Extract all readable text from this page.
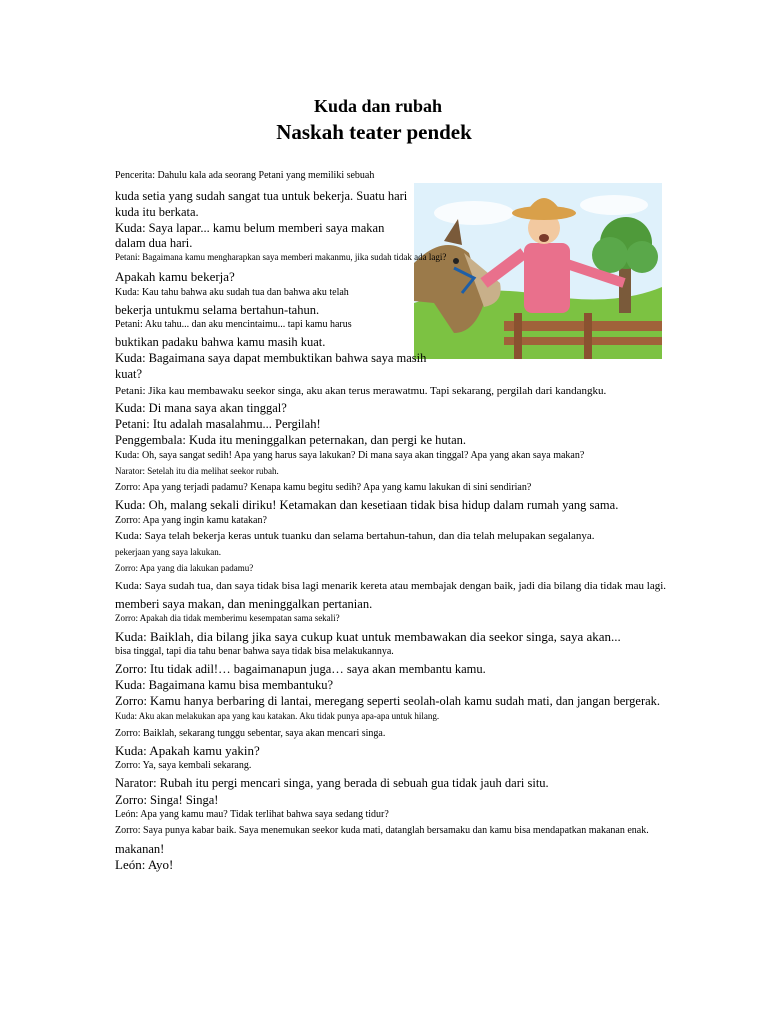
Kuda dan rubah
Naskah teater pendek
Pencerita: Dahulu kala ada seorang Petani yang memiliki sebuah
kuda setia yang sudah sangat tua untuk bekerja. Suatu hari
kuda itu berkata.
Kuda: Saya lapar... kamu belum memberi saya makan
dalam dua hari.
Petani: Bagaimana kamu mengharapkan saya memberi makanmu, jika sudah tidak ada lagi?
Apakah kamu bekerja?
Kuda: Kau tahu bahwa aku sudah tua dan bahwa aku telah
bekerja untukmu selama bertahun-tahun.
Petani: Aku tahu... dan aku mencintaimu... tapi kamu harus
buktikan padaku bahwa kamu masih kuat.
Kuda: Bagaimana saya dapat membuktikan bahwa saya masih
kuat?
Petani: Jika kau membawaku seekor singa, aku akan terus merawatmu. Tapi sekarang, pergilah dari kandangku.
Kuda: Di mana saya akan tinggal?
Petani: Itu adalah masalahmu... Pergilah!
Penggembala: Kuda itu meninggalkan peternakan, dan pergi ke hutan.
Kuda: Oh, saya sangat sedih! Apa yang harus saya lakukan? Di mana saya akan tinggal? Apa yang akan saya makan?
Narator: Setelah itu dia melihat seekor rubah.
Zorro: Apa yang terjadi padamu? Kenapa kamu begitu sedih? Apa yang kamu lakukan di sini sendirian?
Kuda: Oh, malang sekali diriku! Ketamakan dan kesetiaan tidak bisa hidup dalam rumah yang sama.
Zorro: Apa yang ingin kamu katakan?
Kuda: Saya telah bekerja keras untuk tuanku dan selama bertahun-tahun, dan dia telah melupakan segalanya.
pekerjaan yang saya lakukan.
Zorro: Apa yang dia lakukan padamu?
Kuda: Saya sudah tua, dan saya tidak bisa lagi menarik kereta atau membajak dengan baik, jadi dia bilang dia tidak mau lagi.
memberi saya makan, dan meninggalkan pertanian.
Zorro: Apakah dia tidak memberimu kesempatan sama sekali?
Kuda: Baiklah, dia bilang jika saya cukup kuat untuk membawakan dia seekor singa, saya akan...
bisa tinggal, tapi dia tahu benar bahwa saya tidak bisa melakukannya.
Zorro: Itu tidak adil!… bagaimanapun juga… saya akan membantu kamu.
Kuda: Bagaimana kamu bisa membantuku?
Zorro: Kamu hanya berbaring di lantai, meregang seperti seolah-olah kamu sudah mati, dan jangan bergerak.
Kuda: Aku akan melakukan apa yang kau katakan. Aku tidak punya apa-apa untuk hilang.
Zorro: Baiklah, sekarang tunggu sebentar, saya akan mencari singa.
Kuda: Apakah kamu yakin?
Zorro: Ya, saya kembali sekarang.
Narator: Rubah itu pergi mencari singa, yang berada di sebuah gua tidak jauh dari situ.
Zorro: Singa! Singa!
León: Apa yang kamu mau? Tidak terlihat bahwa saya sedang tidur?
Zorro: Saya punya kabar baik. Saya menemukan seekor kuda mati, datanglah bersamaku dan kamu bisa mendapatkan makanan enak.
makanan!
León: Ayo!
